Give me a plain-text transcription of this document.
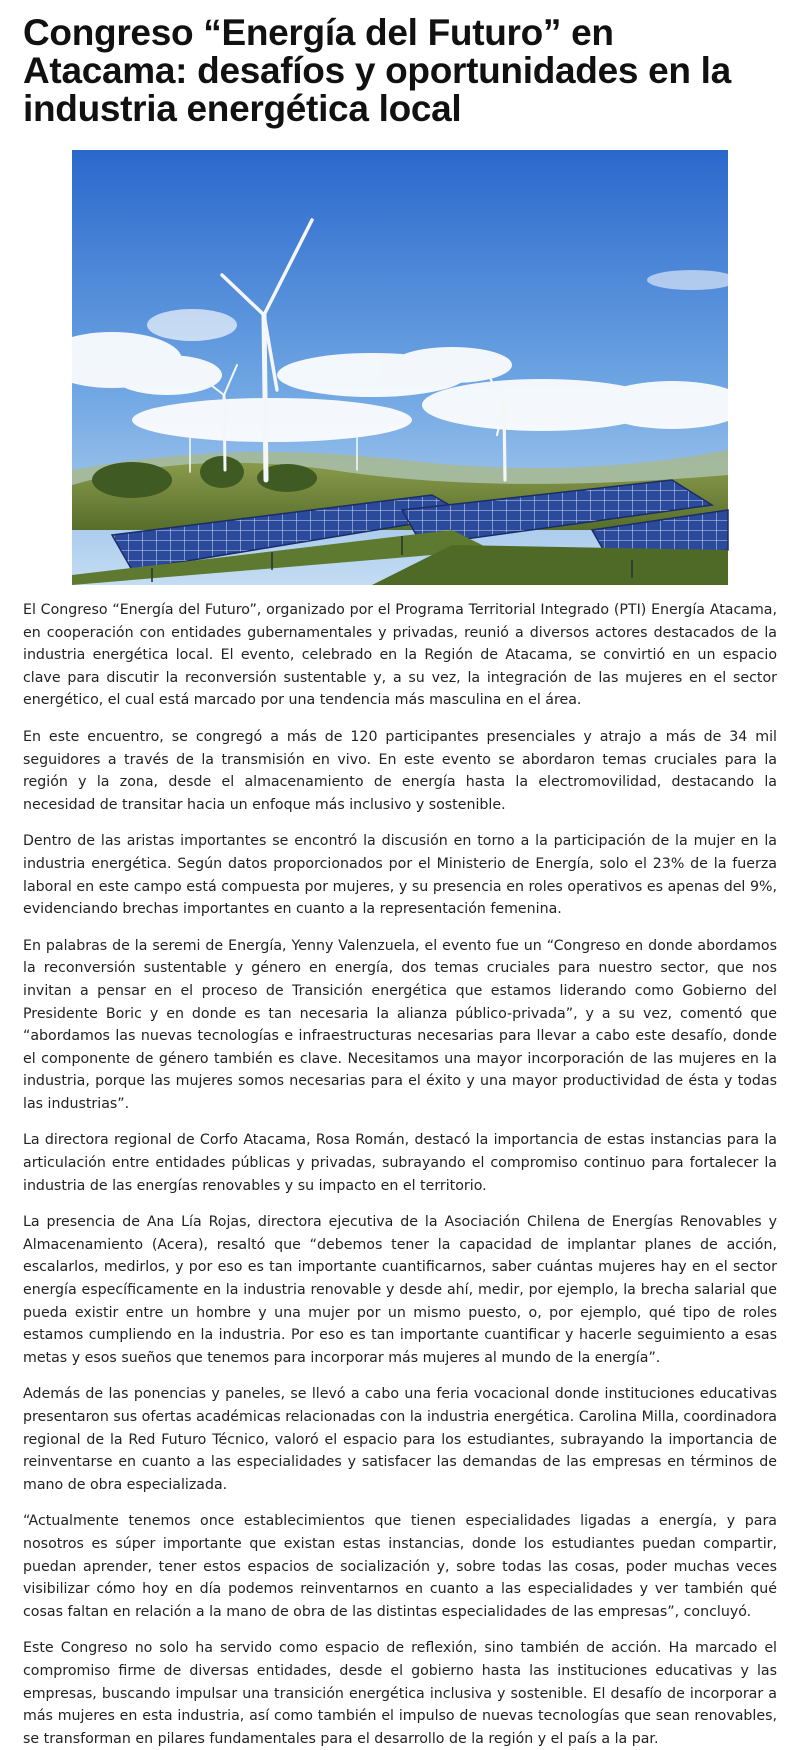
Congreso “Energía del Futuro” en Atacama: desafíos y oportunidades en la industria energética local

El Congreso “Energía del Futuro”, organizado por el Programa Territorial Integrado (PTI) Energía Atacama, en cooperación con entidades gubernamentales y privadas, reunió a diversos actores destacados de la industria energética local. El evento, celebrado en la Región de Atacama, se convirtió en un espacio clave para discutir la reconversión sustentable y, a su vez, la integración de las mujeres en el sector energético, el cual está marcado por una tendencia más masculina en el área.

En este encuentro, se congregó a más de 120 participantes presenciales y atrajo a más de 34 mil seguidores a través de la transmisión en vivo. En este evento se abordaron temas cruciales para la región y la zona, desde el almacenamiento de energía hasta la electromovilidad, destacando la necesidad de transitar hacia un enfoque más inclusivo y sostenible.

Dentro de las aristas importantes se encontró la discusión en torno a la participación de la mujer en la industria energética. Según datos proporcionados por el Ministerio de Energía, solo el 23% de la fuerza laboral en este campo está compuesta por mujeres, y su presencia en roles operativos es apenas del 9%, evidenciando brechas importantes en cuanto a la representación femenina.

En palabras de la seremi de Energía, Yenny Valenzuela, el evento fue un “Congreso en donde abordamos la reconversión sustentable y género en energía, dos temas cruciales para nuestro sector, que nos invitan a pensar en el proceso de Transición energética que estamos liderando como Gobierno del Presidente Boric y en donde es tan necesaria la alianza público-privada”, y a su vez, comentó que “abordamos las nuevas tecnologías e infraestructuras necesarias para llevar a cabo este desafío, donde el componente de género también es clave. Necesitamos una mayor incorporación de las mujeres en la industria, porque las mujeres somos necesarias para el éxito y una mayor productividad de ésta y todas las industrias”.

La directora regional de Corfo Atacama, Rosa Román, destacó la importancia de estas instancias para la articulación entre entidades públicas y privadas, subrayando el compromiso continuo para fortalecer la industria de las energías renovables y su impacto en el territorio.

La presencia de Ana Lía Rojas, directora ejecutiva de la Asociación Chilena de Energías Renovables y Almacenamiento (Acera), resaltó que “debemos tener la capacidad de implantar planes de acción, escalarlos, medirlos, y por eso es tan importante cuantificarnos, saber cuántas mujeres hay en el sector energía específicamente en la industria renovable y desde ahí, medir, por ejemplo, la brecha salarial que pueda existir entre un hombre y una mujer por un mismo puesto, o, por ejemplo, qué tipo de roles estamos cumpliendo en la industria. Por eso es tan importante cuantificar y hacerle seguimiento a esas metas y esos sueños que tenemos para incorporar más mujeres al mundo de la energía”.

Además de las ponencias y paneles, se llevó a cabo una feria vocacional donde instituciones educativas presentaron sus ofertas académicas relacionadas con la industria energética. Carolina Milla, coordinadora regional de la Red Futuro Técnico, valoró el espacio para los estudiantes, subrayando la importancia de reinventarse en cuanto a las especialidades y satisfacer las demandas de las empresas en términos de mano de obra especializada.

“Actualmente tenemos once establecimientos que tienen especialidades ligadas a energía, y para nosotros es súper importante que existan estas instancias, donde los estudiantes puedan compartir, puedan aprender, tener estos espacios de socialización y, sobre todas las cosas, poder muchas veces visibilizar cómo hoy en día podemos reinventarnos en cuanto a las especialidades y ver también qué cosas faltan en relación a la mano de obra de las distintas especialidades de las empresas”, concluyó.

Este Congreso no solo ha servido como espacio de reflexión, sino también de acción. Ha marcado el compromiso firme de diversas entidades, desde el gobierno hasta las instituciones educativas y las empresas, buscando impulsar una transición energética inclusiva y sostenible. El desafío de incorporar a más mujeres en esta industria, así como también el impulso de nuevas tecnologías que sean renovables, se transforman en pilares fundamentales para el desarrollo de la región y el país a la par.
